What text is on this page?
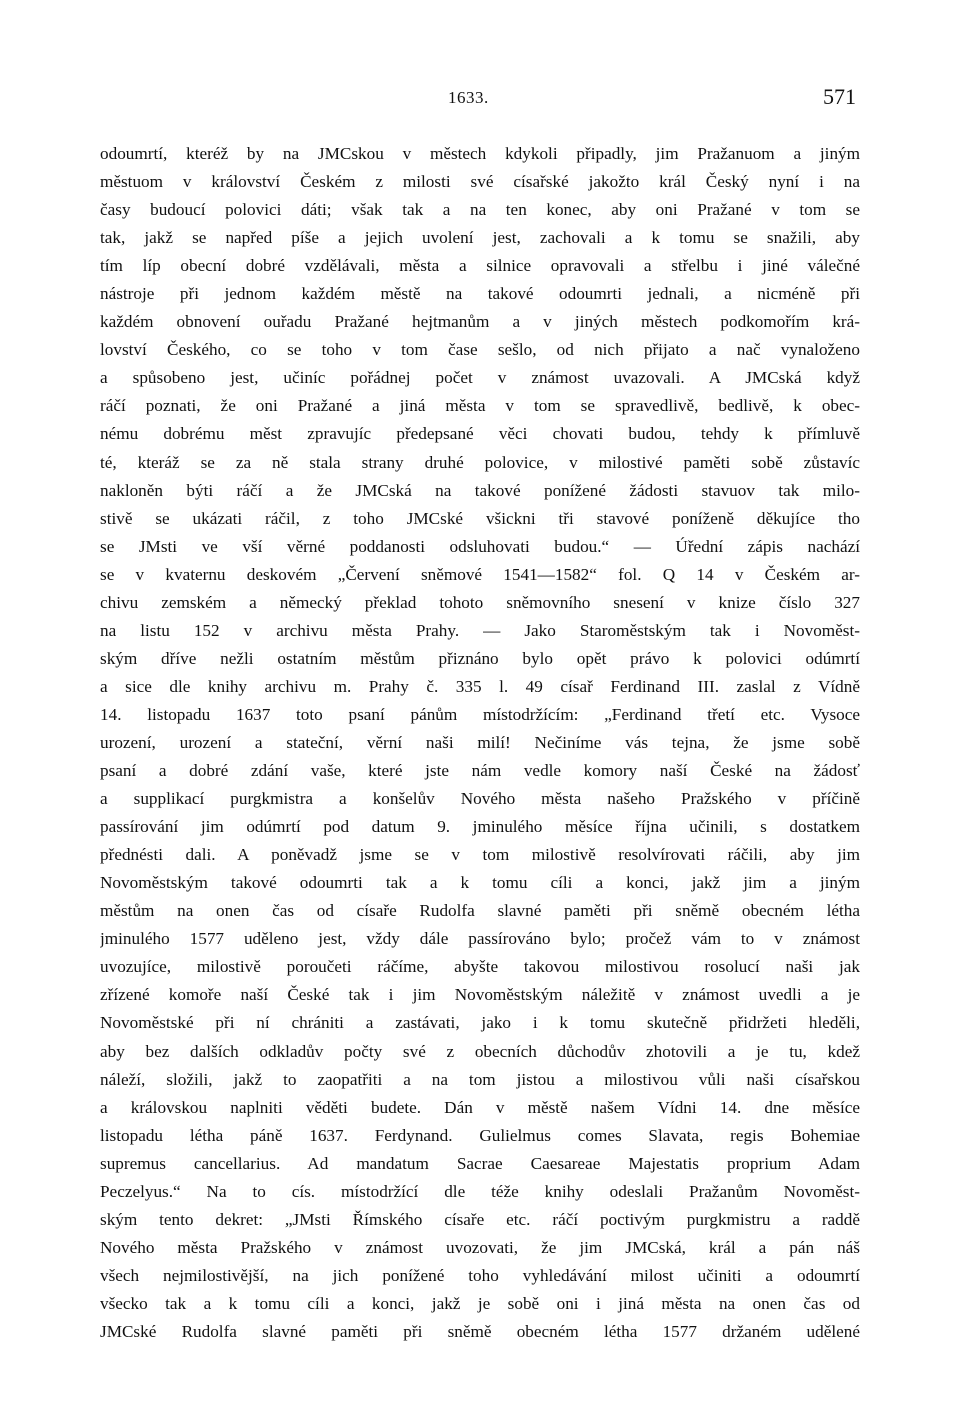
1633.	571
odoumrtí, kteréž by na JMCskou v městech kdykoli připadly, jim Pražanuom a jiným
městuom v království Českém z milosti své císařské jakožto král Český nyní i na
časy budoucí polovici dáti; však tak a na ten konec, aby oni Pražané v tom se
tak, jakž se napřed píše a jejich uvolení jest, zachovali a k tomu se snažili, aby
tím líp obecní dobré vzdělávali, města a silnice opravovali a střelbu i jiné válečné
nástroje při jednom každém městě na takové odoumrti jednali, a nicméně při
každém obnovení ouřadu Pražané hejtmanům a v jiných městech podkomořím krá-
lovství Českého, co se toho v tom čase sešlo, od nich přijato a nač vynaloženo
a spůsobeno jest, učiníc pořádnej počet v známost uvazovali. A JMCská když
ráčí poznati, že oni Pražané a jiná města v tom se spravedlivě, bedlivě, k obec-
nému dobrému měst zpravujíc předepsané věci chovati budou, tehdy k přímluvě
té, kteráž se za ně stala strany druhé polovice, v milostivé paměti sobě zůstavíc
nakloněn býti ráčí a že JMCská na takové ponížené žádosti stavuov tak milo-
stivě se ukázati ráčil, z toho JMCské všickni tři stavové poníženě děkujíce tho
se JMsti ve vší věrné poddanosti odsluhovati budou.“ — Úřední zápis nachází
se v kvaternu deskovém „Červení sněmové 1541—1582“ fol. Q 14 v Českém ar-
chivu zemském a německý překlad tohoto sněmovního snesení v knize číslo 327
na listu 152 v archivu města Prahy. — Jako Staroměstským tak i Novoměst-
ským dříve nežli ostatním městům přiznáno bylo opět právo k polovici odúmrtí
a sice dle knihy archivu m. Prahy č. 335 l. 49 císař Ferdinand III. zaslal z Vídně
14. listopadu 1637 toto psaní pánům místodržícím: „Ferdinand třetí etc. Vysoce
urození, urození a stateční, věrní naši milí! Nečiníme vás tejna, že jsme sobě
psaní a dobré zdání vaše, které jste nám vedle komory naší České na žádosť
a supplikací purgkmistra a konšelův Nového města našeho Pražského v příčině
passírování jim odúmrtí pod datum 9. jminulého měsíce října učinili, s dostatkem
přednésti dali. A poněvadž jsme se v tom milostivě resolvírovati ráčili, aby jim
Novoměstským takové odoumrti tak a k tomu cíli a konci, jakž jim a jiným
městům na onen čas od císaře Rudolfa slavné paměti při sněmě obecném létha
jminulého 1577 uděleno jest, vždy dále passírováno bylo; pročež vám to v známost
uvozujíce, milostivě poroučeti ráčíme, abyšte takovou milostivou rosolucí naši jak
zřízené komoře naší České tak i jim Novoměstským náležitě v známost uvedli a je
Novoměstské při ní chrániti a zastávati, jako i k tomu skutečně přidržeti hleděli,
aby bez dalších odkladův počty své z obecních důchodův zhotovili a je tu, kdež
náleží, složili, jakž to zaopatřiti a na tom jistou a milostivou vůli naši císařskou
a královskou naplniti věděti budete. Dán v městě našem Vídni 14. dne měsíce
listopadu létha páně 1637. Ferdynand. Gulielmus comes Slavata, regis Bohemiae
supremus cancellarius. Ad mandatum Sacrae Caesareae Majestatis proprium Adam
Peczelyus.“ Na to cís. místodržící dle téže knihy odeslali Pražanům Novoměst-
ským tento dekret: „JMsti Římského císaře etc. ráčí poctivým purgkmistru a raddě
Nového města Pražského v známost uvozovati, že jim JMCská, král a pán náš
všech nejmilostivější, na jich ponížené toho vyhledávání milost učiniti a odoumrtí
všecko tak a k tomu cíli a konci, jakž je sobě oni i jiná města na onen čas od
JMCské Rudolfa slavné paměti při sněmě obecném létha 1577 držaném udělené
